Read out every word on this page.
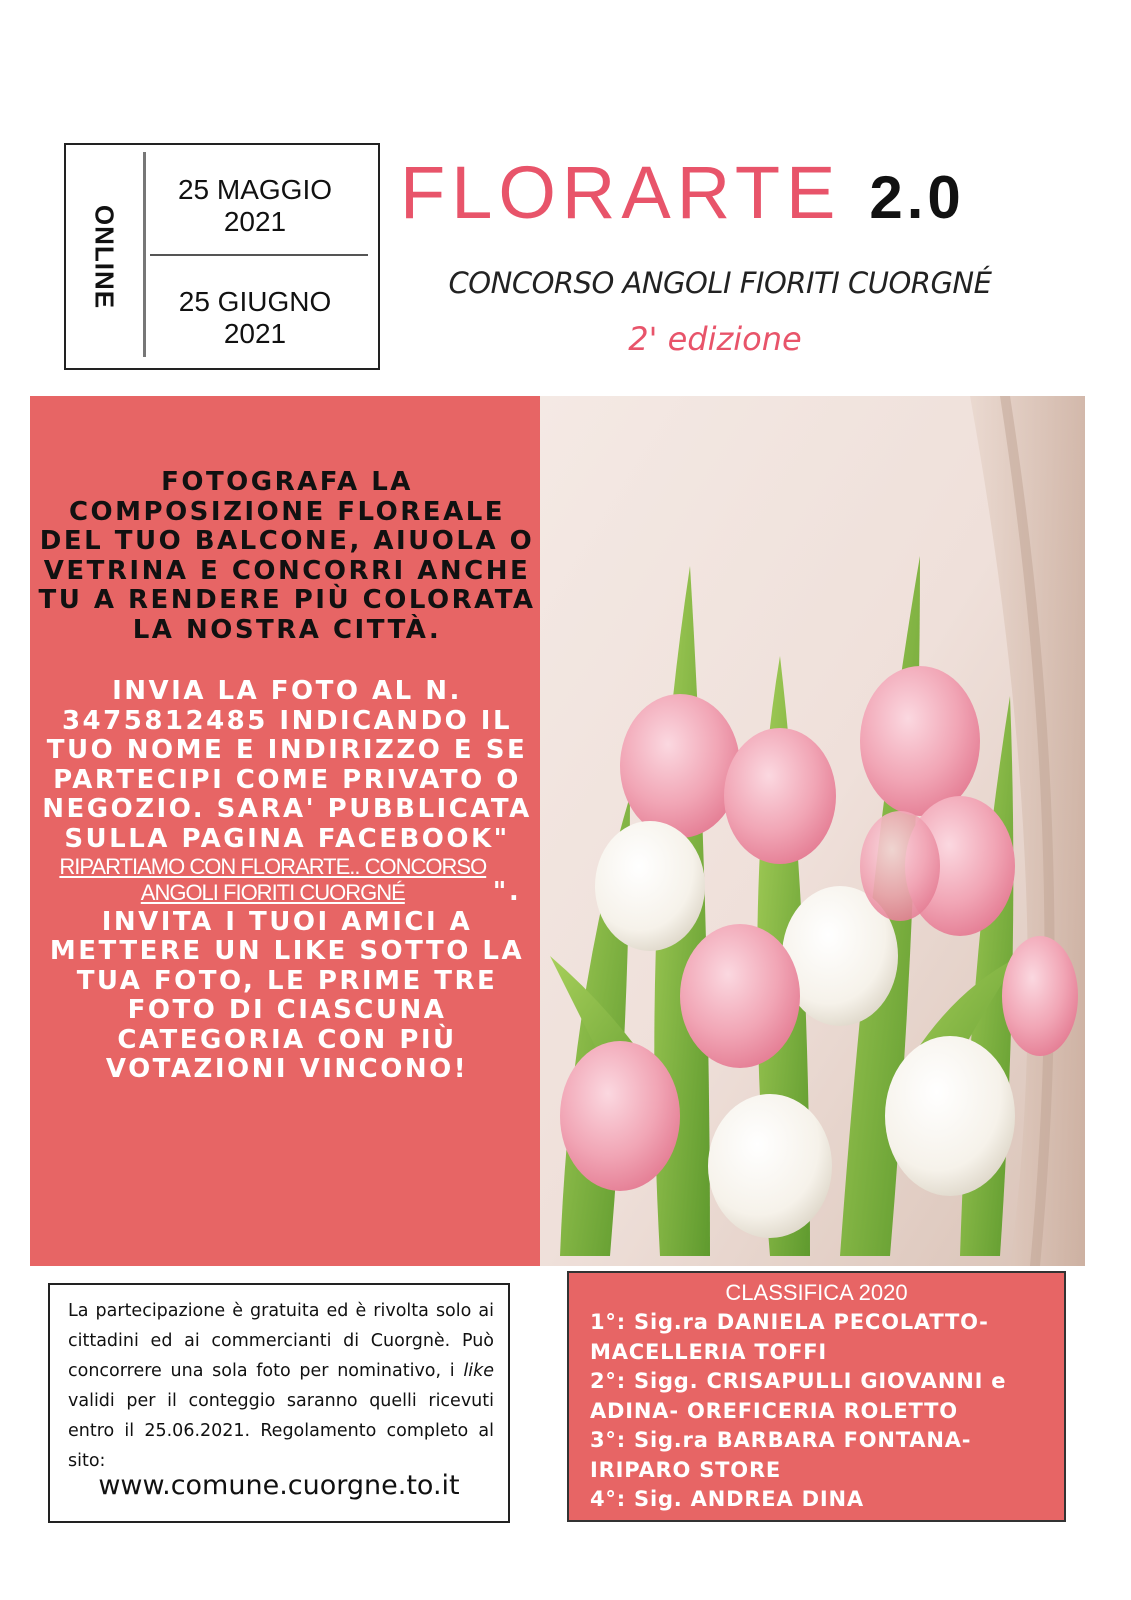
ONLINE
25 MAGGIO
2021
25 GIUGNO
2021
FLORARTE 2.0
CONCORSO ANGOLI FIORITI CUORGNÉ
2' edizione

FOTOGRAFA LA COMPOSIZIONE FLOREALE DEL TUO BALCONE, AIUOLA O VETRINA E CONCORRI ANCHE TU A RENDERE PIÙ COLORATA LA NOSTRA CITTÀ.

INVIA LA FOTO AL N. 3475812485 INDICANDO IL TUO NOME E INDIRIZZO E SE PARTECIPI COME PRIVATO O NEGOZIO. SARA' PUBBLICATA SULLA PAGINA FACEBOOK"
RIPARTIAMO CON FLORARTE.. CONCORSO ANGOLI FIORITI CUORGNÉ	". INVITA I TUOI AMICI A METTERE UN LIKE SOTTO LA TUA FOTO, LE PRIME TRE FOTO DI CIASCUNA CATEGORIA CON PIÙ VOTAZIONI VINCONO!

La partecipazione è gratuita ed è rivolta solo ai cittadini ed ai commercianti di Cuorgnè. Può concorrere una sola foto per nominativo, i like validi per il conteggio saranno quelli ricevuti entro il 25.06.2021. Regolamento completo al sito:
www.comune.cuorgne.to.it
CLASSIFICA 2020
1°: Sig.ra DANIELA PECOLATTO-
MACELLERIA TOFFI
2°: Sigg. CRISAPULLI GIOVANNI e
ADINA- OREFICERIA ROLETTO
3°: Sig.ra BARBARA FONTANA-
IRIPARO STORE
4°: Sig. ANDREA DINA
